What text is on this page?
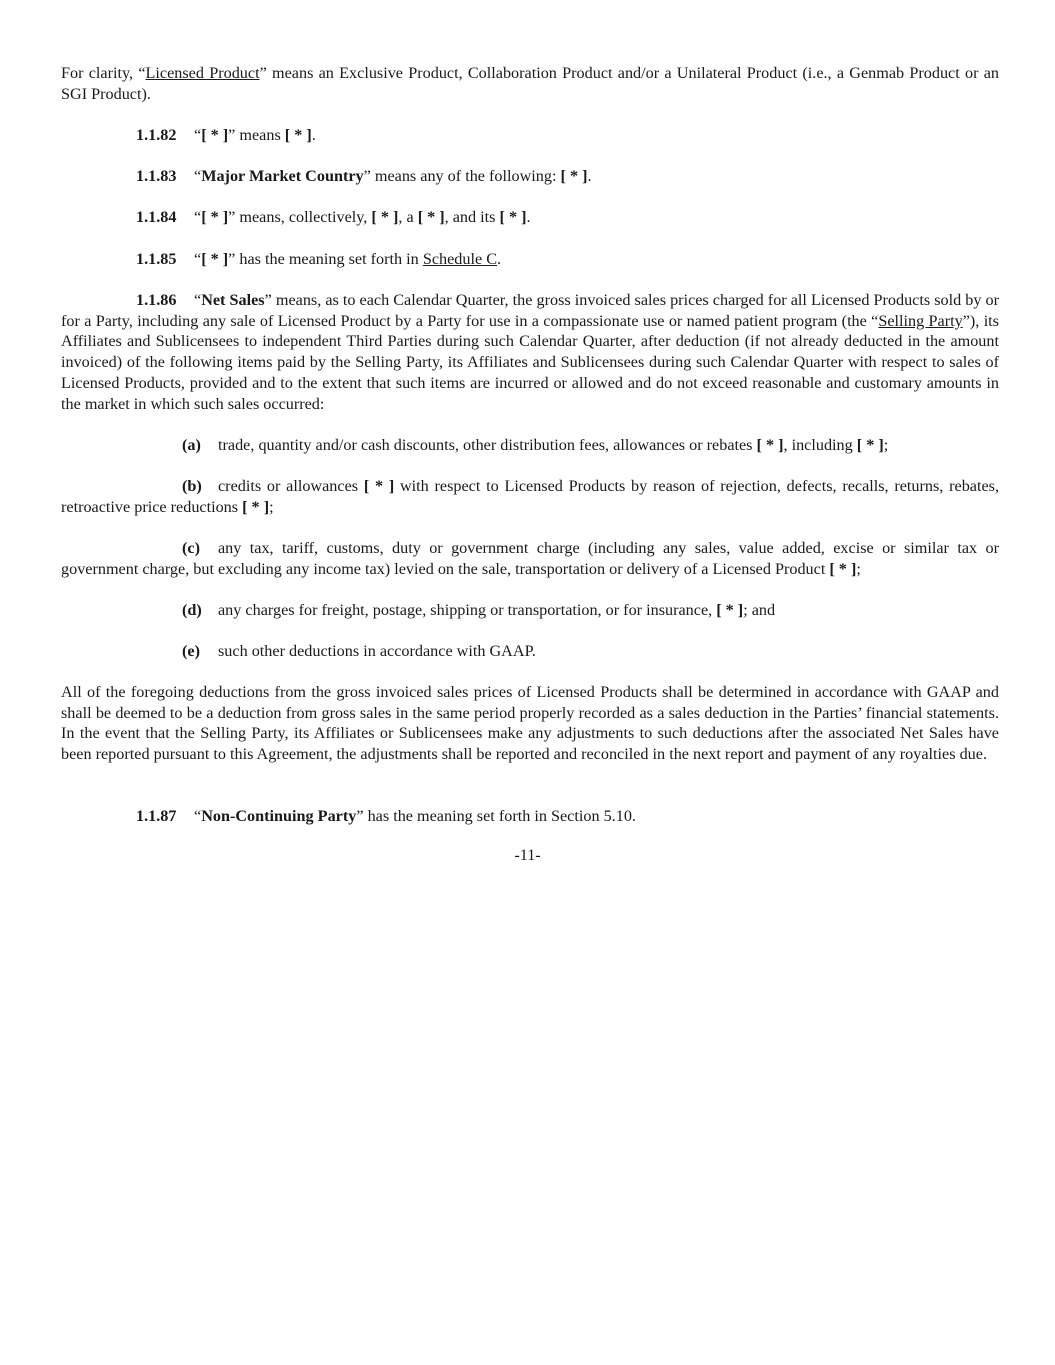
For clarity, “Licensed Product” means an Exclusive Product, Collaboration Product and/or a Unilateral Product (i.e., a Genmab Product or an SGI Product).

1.1.82 “[ * ]” means [ * ].

1.1.83 “Major Market Country” means any of the following: [ * ].

1.1.84 “[ * ]” means, collectively, [ * ], a [ * ], and its [ * ].

1.1.85 “[ * ]” has the meaning set forth in Schedule C.

1.1.86 “Net Sales” means, as to each Calendar Quarter, the gross invoiced sales prices charged for all Licensed Products sold by or for a Party, including any sale of Licensed Product by a Party for use in a compassionate use or named patient program (the “Selling Party”), its Affiliates and Sublicensees to independent Third Parties during such Calendar Quarter, after deduction (if not already deducted in the amount invoiced) of the following items paid by the Selling Party, its Affiliates and Sublicensees during such Calendar Quarter with respect to sales of Licensed Products, provided and to the extent that such items are incurred or allowed and do not exceed reasonable and customary amounts in the market in which such sales occurred:

(a) trade, quantity and/or cash discounts, other distribution fees, allowances or rebates [ * ], including [ * ];

(b) credits or allowances [ * ] with respect to Licensed Products by reason of rejection, defects, recalls, returns, rebates, retroactive price reductions [ * ];

(c) any tax, tariff, customs, duty or government charge (including any sales, value added, excise or similar tax or government charge, but excluding any income tax) levied on the sale, transportation or delivery of a Licensed Product [ * ];

(d) any charges for freight, postage, shipping or transportation, or for insurance, [ * ]; and

(e) such other deductions in accordance with GAAP.

All of the foregoing deductions from the gross invoiced sales prices of Licensed Products shall be determined in accordance with GAAP and shall be deemed to be a deduction from gross sales in the same period properly recorded as a sales deduction in the Parties’ financial statements. In the event that the Selling Party, its Affiliates or Sublicensees make any adjustments to such deductions after the associated Net Sales have been reported pursuant to this Agreement, the adjustments shall be reported and reconciled in the next report and payment of any royalties due.

1.1.87 “Non-Continuing Party” has the meaning set forth in Section 5.10.

-11-
